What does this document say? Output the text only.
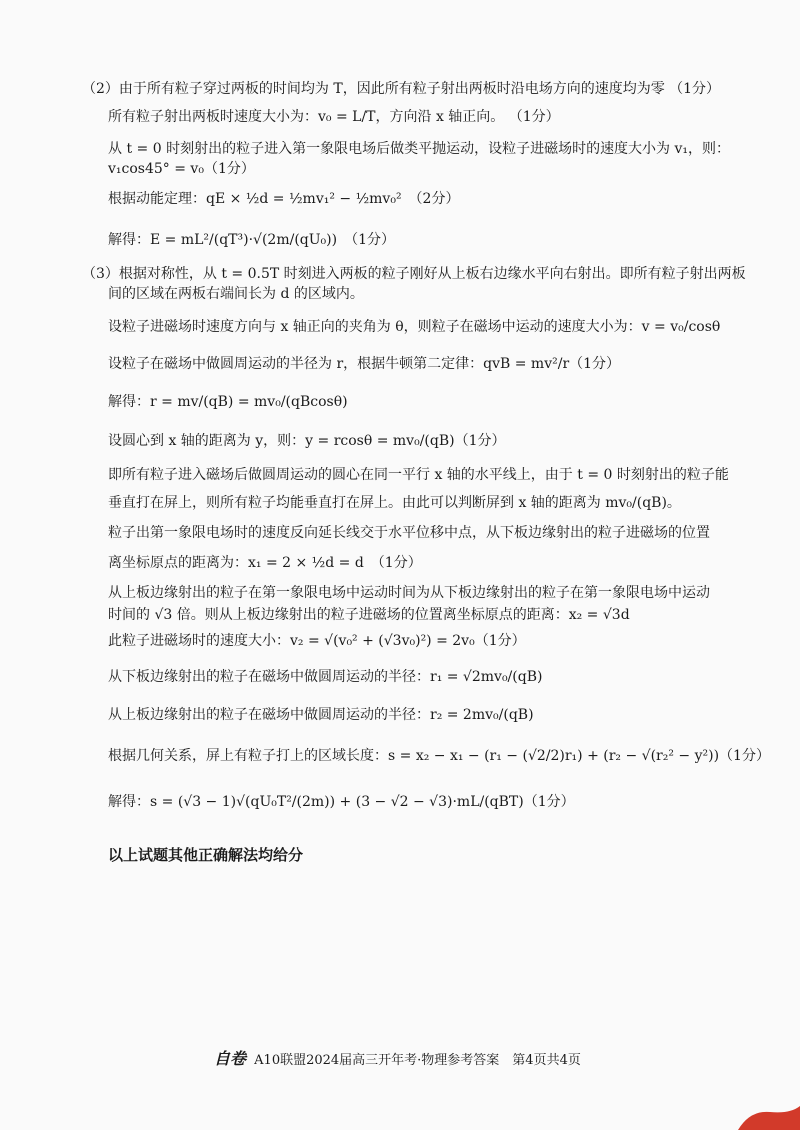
（2）由于所有粒子穿过两板的时间均为 T，因此所有粒子射出两板时沿电场方向的速度均为零 （1分）
所有粒子射出两板时速度大小为：v₀ = L/T，方向沿 x 轴正向。 （1分）
从 t = 0 时刻射出的粒子进入第一象限电场后做类平抛运动，设粒子进磁场时的速度大小为 v₁，则：
v₁cos45° = v₀（1分）
根据动能定理：qE × ½d = ½mv₁² − ½mv₀²　（2分）
解得：E = mL²/(qT³)·√(2m/(qU₀))　（1分）
（3）根据对称性，从 t = 0.5T 时刻进入两板的粒子刚好从上板右边缘水平向右射出。即所有粒子射出两板
间的区域在两板右端间长为 d 的区域内。
设粒子进磁场时速度方向与 x 轴正向的夹角为 θ，则粒子在磁场中运动的速度大小为：v = v₀/cosθ
设粒子在磁场中做圆周运动的半径为 r，根据牛顿第二定律：qvB = mv²/r（1分）
解得：r = mv/(qB) = mv₀/(qBcosθ)
设圆心到 x 轴的距离为 y，则：y = rcosθ = mv₀/(qB)（1分）
即所有粒子进入磁场后做圆周运动的圆心在同一平行 x 轴的水平线上，由于 t = 0 时刻射出的粒子能
垂直打在屏上，则所有粒子均能垂直打在屏上。由此可以判断屏到 x 轴的距离为 mv₀/(qB)。
粒子出第一象限电场时的速度反向延长线交于水平位移中点，从下板边缘射出的粒子进磁场的位置
离坐标原点的距离为：x₁ = 2 × ½d = d　（1分）
从上板边缘射出的粒子在第一象限电场中运动时间为从下板边缘射出的粒子在第一象限电场中运动
时间的 √3 倍。则从上板边缘射出的粒子进磁场的位置离坐标原点的距离：x₂ = √3d
此粒子进磁场时的速度大小：v₂ = √(v₀² + (√3v₀)²) = 2v₀（1分）
从下板边缘射出的粒子在磁场中做圆周运动的半径：r₁ = √2mv₀/(qB)
从上板边缘射出的粒子在磁场中做圆周运动的半径：r₂ = 2mv₀/(qB)
根据几何关系，屏上有粒子打上的区域长度：s = x₂ − x₁ − (r₁ − (√2/2)r₁) + (r₂ − √(r₂² − y²))（1分）
解得：s = (√3 − 1)√(qU₀T²/(2m)) + (3 − √2 − √3)·mL/(qBT)（1分）
以上试题其他正确解法均给分
自卷 A10联盟2024届高三开年考·物理参考答案　第4页共4页
